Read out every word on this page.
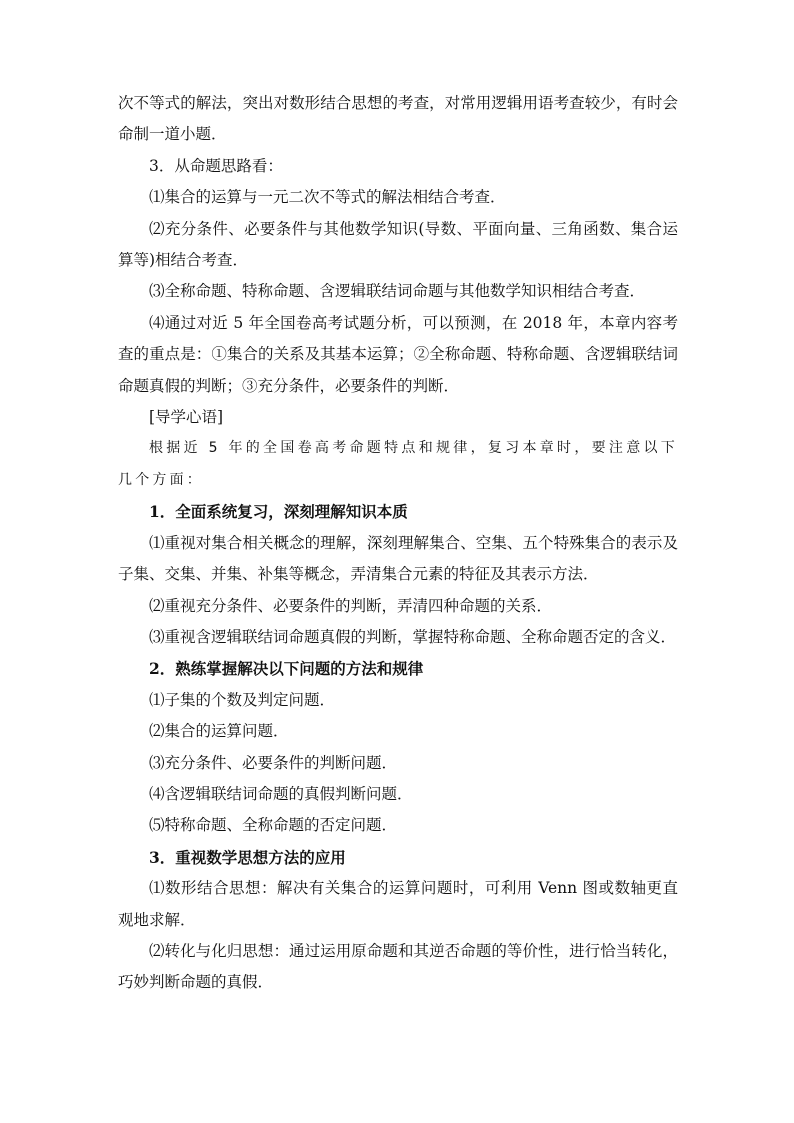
次不等式的解法，突出对数形结合思想的考查，对常用逻辑用语考查较少，有时会命制一道小题．

3．从命题思路看：

⑴集合的运算与一元二次不等式的解法相结合考查．

⑵充分条件、必要条件与其他数学知识(导数、平面向量、三角函数、集合运算等)相结合考查．

⑶全称命题、特称命题、含逻辑联结词命题与其他数学知识相结合考查．

⑷通过对近 5 年全国卷高考试题分析，可以预测，在 2018 年，本章内容考查的重点是：①集合的关系及其基本运算；②全称命题、特称命题、含逻辑联结词命题真假的判断；③充分条件，必要条件的判断．

[导学心语]

根据近 5 年的全国卷高考命题特点和规律，复习本章时，要注意以下几个方面：

1．全面系统复习，深刻理解知识本质

⑴重视对集合相关概念的理解，深刻理解集合、空集、五个特殊集合的表示及子集、交集、并集、补集等概念，弄清集合元素的特征及其表示方法．

⑵重视充分条件、必要条件的判断，弄清四种命题的关系．

⑶重视含逻辑联结词命题真假的判断，掌握特称命题、全称命题否定的含义．

2．熟练掌握解决以下问题的方法和规律

⑴子集的个数及判定问题．

⑵集合的运算问题．

⑶充分条件、必要条件的判断问题．

⑷含逻辑联结词命题的真假判断问题．

⑸特称命题、全称命题的否定问题．

3．重视数学思想方法的应用

⑴数形结合思想：解决有关集合的运算问题时，可利用 Venn 图或数轴更直观地求解．

⑵转化与化归思想：通过运用原命题和其逆否命题的等价性，进行恰当转化，巧妙判断命题的真假．
